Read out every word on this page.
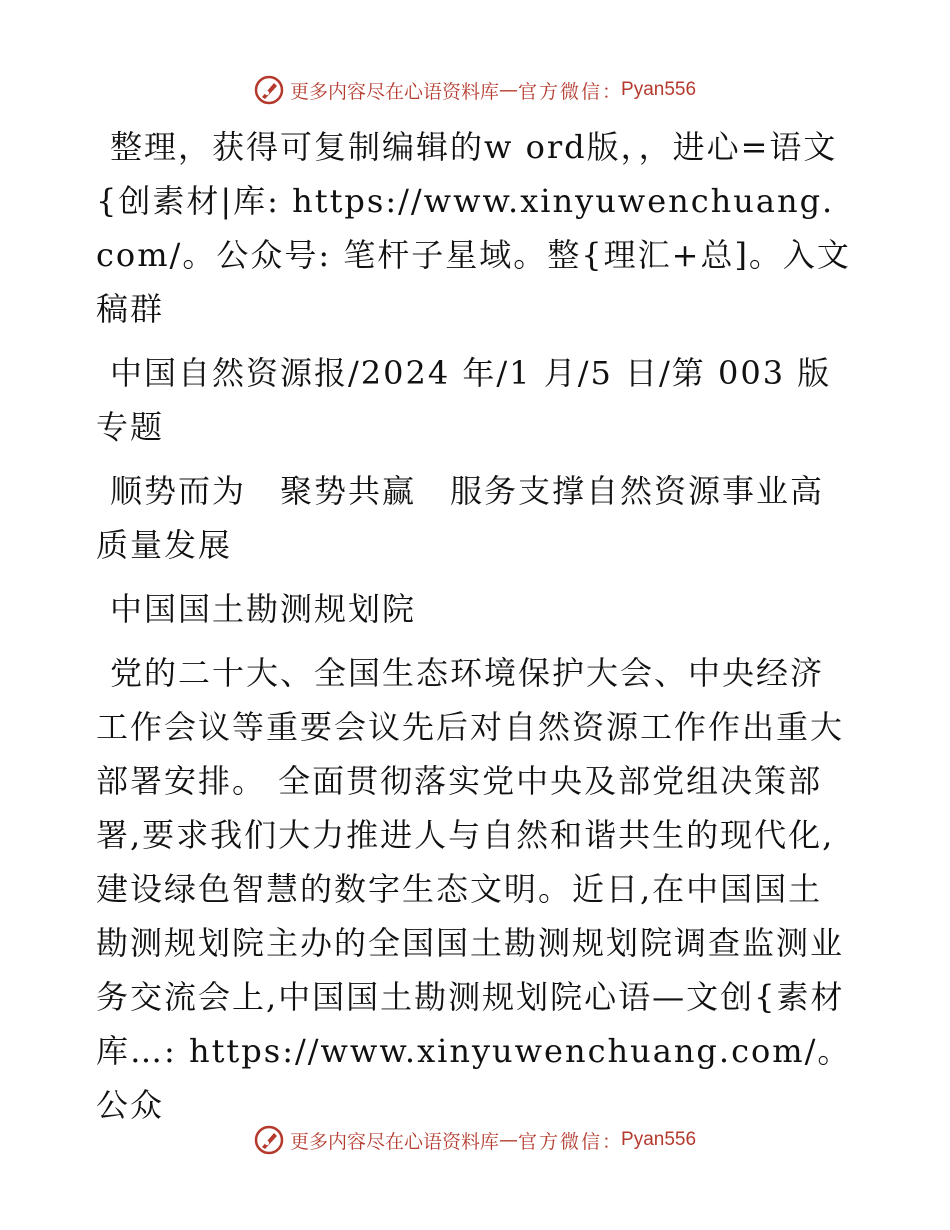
更多内容尽在心语资料库 — 官方微信 ： Pyan556

整理，获得可复制编辑的w ord版，，进心=语文{创素材|库: https://www.xinyuwenchuang.com/。公众号: 笔杆子星域。整{理汇+总]。入文稿群

中国自然资源报/2024 年/1 月/5 日/第 003 版专题

顺势而为　聚势共赢　服务支撑自然资源事业高质量发展

中国国土勘测规划院

党的二十大、全国生态环境保护大会、中央经济工作会议等重要会议先后对自然资源工作作出重大部署安排。 全面贯彻落实党中央及部党组决策部署,要求我们大力推进人与自然和谐共生的现代化,建设绿色智慧的数字生态文明。近日,在中国国土勘测规划院主办的全国国土勘测规划院调查监测业务交流会上,中国国土勘测规划院心语—文创{素材库…: https://www.xinyuwenchuang.com/。公众

更多内容尽在心语资料库 — 官方微信 ： Pyan556
